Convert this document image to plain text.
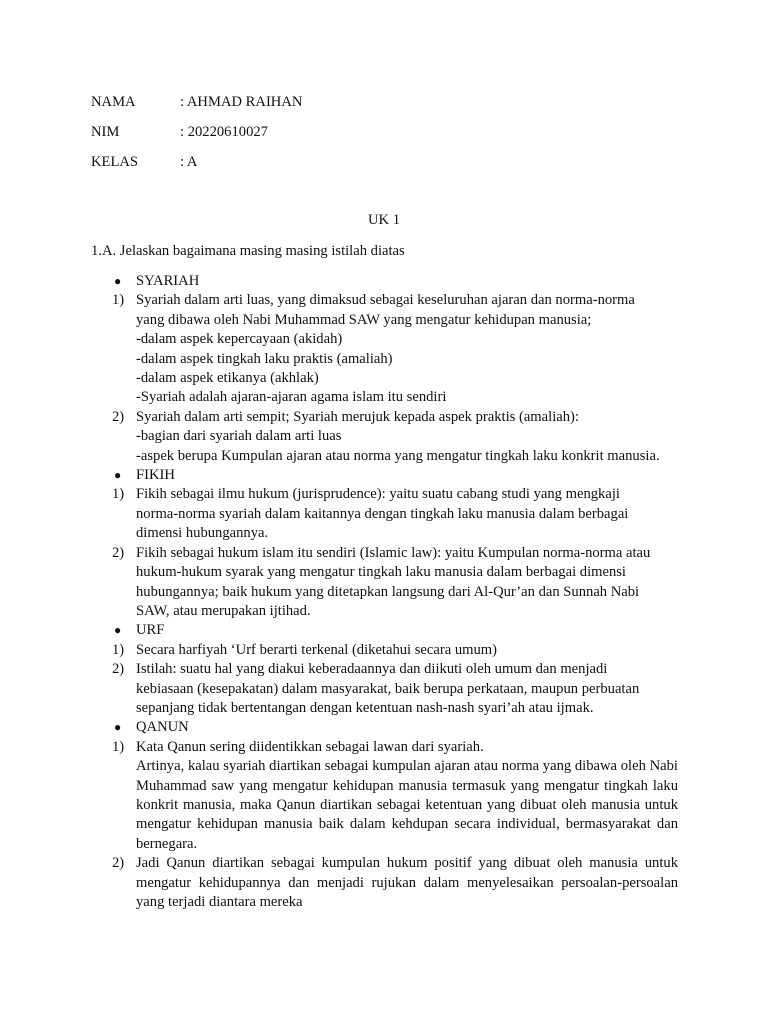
NAMA	: AHMAD RAIHAN
NIM	: 20220610027
KELAS	: A
UK 1
1.A. Jelaskan bagaimana masing masing istilah diatas
● SYARIAH
1) Syariah dalam arti luas, yang dimaksud sebagai keseluruhan ajaran dan norma-norma
yang dibawa oleh Nabi Muhammad SAW yang mengatur kehidupan manusia;
-dalam aspek kepercayaan (akidah)
-dalam aspek tingkah laku praktis (amaliah)
-dalam aspek etikanya (akhlak)
-Syariah adalah ajaran-ajaran agama islam itu sendiri
2) Syariah dalam arti sempit; Syariah merujuk kepada aspek praktis (amaliah):
-bagian dari syariah dalam arti luas
-aspek berupa Kumpulan ajaran atau norma yang mengatur tingkah laku konkrit manusia.
● FIKIH
1) Fikih sebagai ilmu hukum (jurisprudence): yaitu suatu cabang studi yang mengkaji
norma-norma syariah dalam kaitannya dengan tingkah laku manusia dalam berbagai
dimensi hubungannya.
2) Fikih sebagai hukum islam itu sendiri (Islamic law): yaitu Kumpulan norma-norma atau
hukum-hukum syarak yang mengatur tingkah laku manusia dalam berbagai dimensi
hubungannya; baik hukum yang ditetapkan langsung dari Al-Qur’an dan Sunnah Nabi
SAW, atau merupakan ijtihad.
● URF
1) Secara harfiyah ‘Urf berarti terkenal (diketahui secara umum)
2) Istilah: suatu hal yang diakui keberadaannya dan diikuti oleh umum dan menjadi
kebiasaan (kesepakatan) dalam masyarakat, baik berupa perkataan, maupun perbuatan
sepanjang tidak bertentangan dengan ketentuan nash-nash syari’ah atau ijmak.
● QANUN
1) Kata Qanun sering diidentikkan sebagai lawan dari syariah.
Artinya, kalau syariah diartikan sebagai kumpulan ajaran atau norma yang dibawa oleh Nabi Muhammad saw yang mengatur kehidupan manusia termasuk yang mengatur tingkah laku konkrit manusia, maka Qanun diartikan sebagai ketentuan yang dibuat oleh manusia untuk mengatur kehidupan manusia baik dalam kehdupan secara individual, bermasyarakat dan bernegara.
2) Jadi Qanun diartikan sebagai kumpulan hukum positif yang dibuat oleh manusia untuk mengatur kehidupannya dan menjadi rujukan dalam menyelesaikan persoalan-persoalan yang terjadi diantara mereka
